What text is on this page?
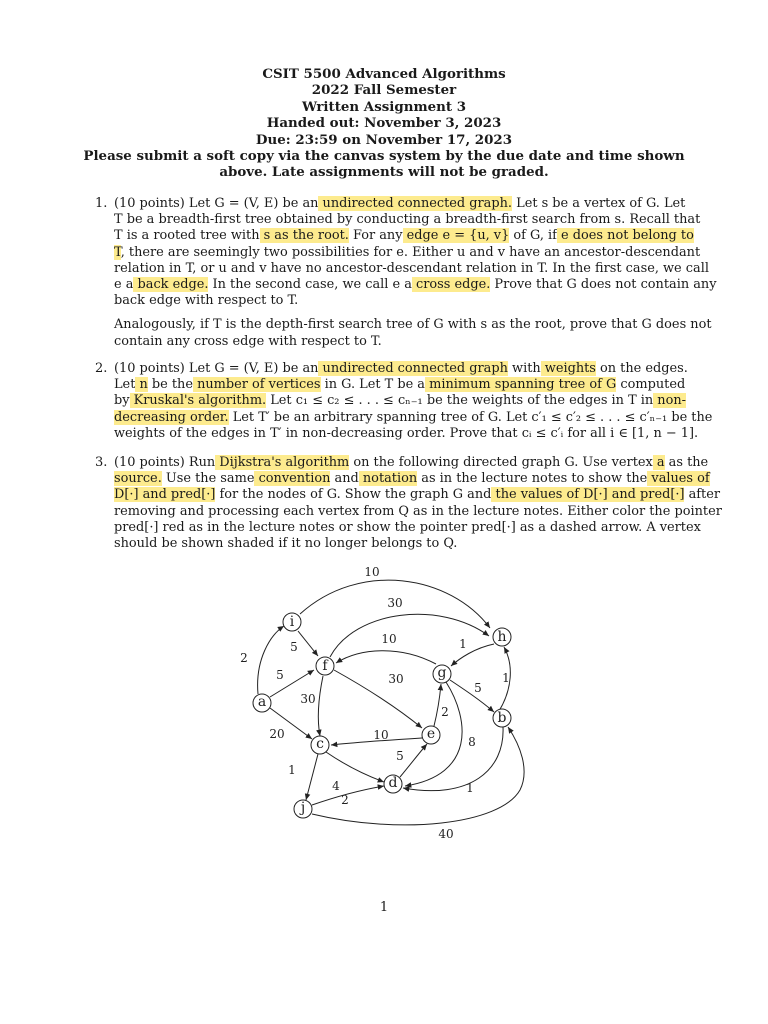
CSIT 5500 Advanced Algorithms
2022 Fall Semester
Written Assignment 3
Handed out: November 3, 2023
Due: 23:59 on November 17, 2023
Please submit a soft copy via the canvas system by the due date and time shown
above. Late assignments will not be graded.
1. (10 points) Let G = (V, E) be an undirected connected graph. Let s be a vertex of G. Let
T be a breadth-first tree obtained by conducting a breadth-first search from s. Recall that
T is a rooted tree with s as the root. For any edge e = {u, v} of G, if e does not belong to
T, there are seemingly two possibilities for e. Either u and v have an ancestor-descendant
relation in T, or u and v have no ancestor-descendant relation in T. In the first case, we call
e a back edge. In the second case, we call e a cross edge. Prove that G does not contain any
back edge with respect to T.
Analogously, if T is the depth-first search tree of G with s as the root, prove that G does not
contain any cross edge with respect to T.
2. (10 points) Let G = (V, E) be an undirected connected graph with weights on the edges.
Let n be the number of vertices in G. Let T be a minimum spanning tree of G computed
by Kruskal's algorithm. Let c₁ ≤ c₂ ≤ . . . ≤ cₙ₋₁ be the weights of the edges in T in non-
decreasing order. Let T′ be an arbitrary spanning tree of G. Let c′₁ ≤ c′₂ ≤ . . . ≤ c′ₙ₋₁ be the
weights of the edges in T′ in non-decreasing order. Prove that cᵢ ≤ c′ᵢ for all i ∈ [1, n − 1].
3. (10 points) Run Dijkstra's algorithm on the following directed graph G. Use vertex a as the
source. Use the same convention and notation as in the lecture notes to show the values of
D[·] and pred[·] for the nodes of G. Show the graph G and the values of D[·] and pred[·] after
removing and processing each vertex from Q as in the lecture notes. Either color the pointer
pred[·] red as in the lecture notes or show the pointer pred[·] as a dashed arrow. A vertex
should be shown shaded if it no longer belongs to Q.
i
h
f	g
a
b
c
e
d
j
10
30
2
5
5
30
20
10
30
1
5
1
2
10	8
5
1
4
2
1
40
1
